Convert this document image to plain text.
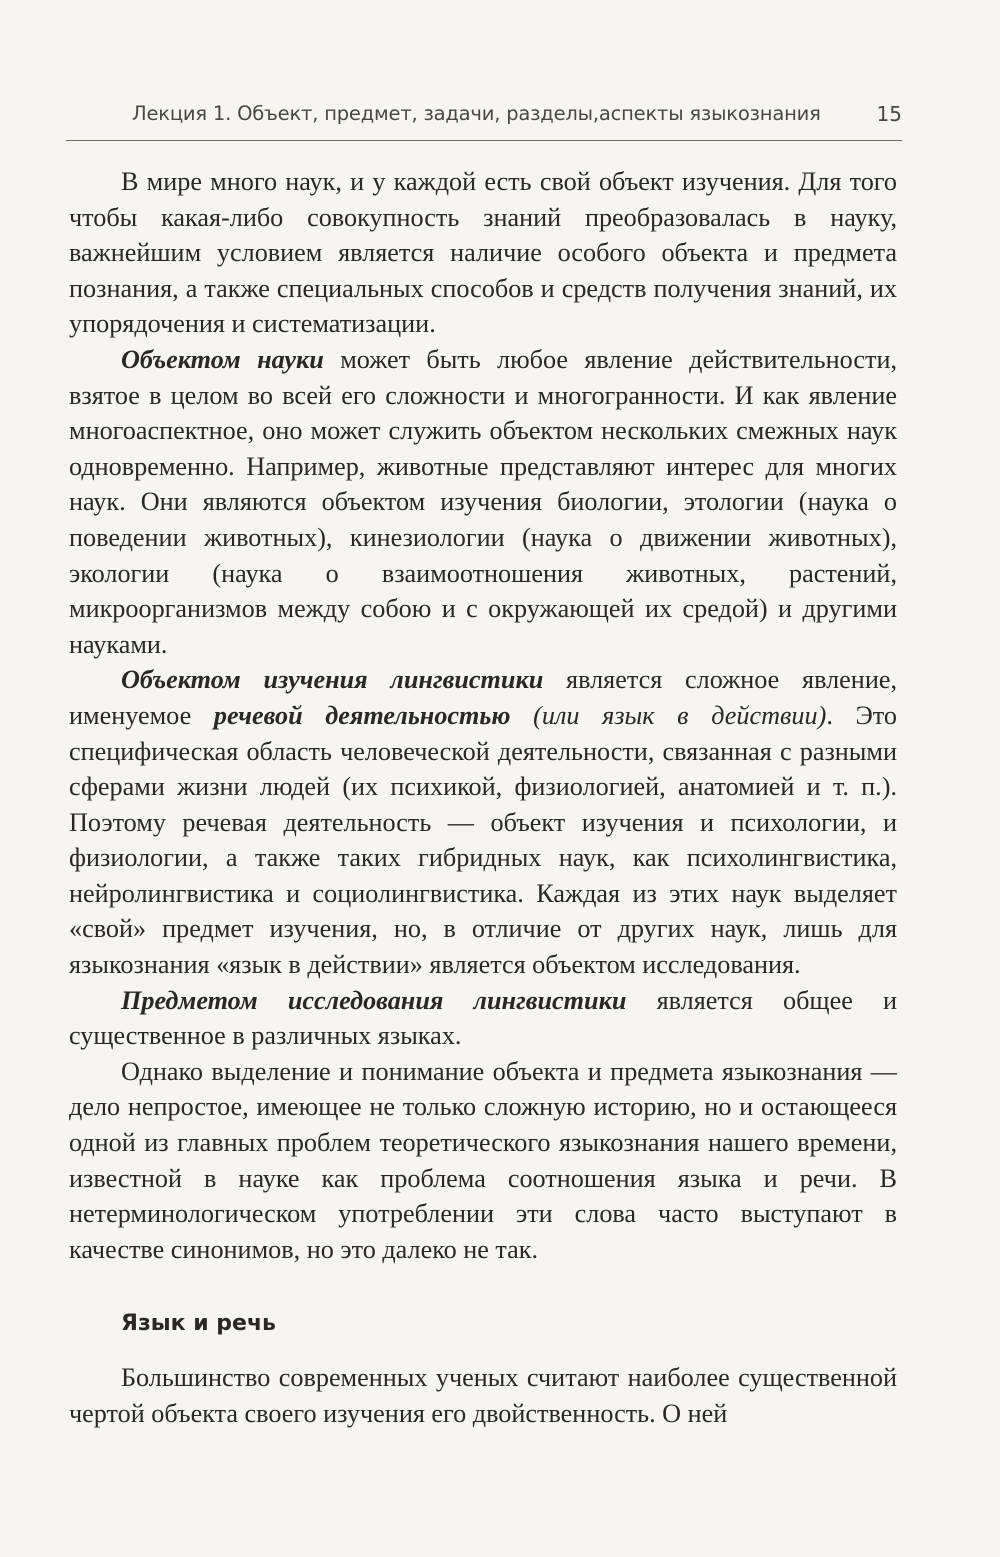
Лекция 1. Объект, предмет, задачи, разделы,аспекты языкознания	15

В мире много наук, и у каждой есть свой объект изучения. Для того чтобы какая-либо совокупность знаний преобразовалась в науку, важнейшим условием является наличие особого объекта и предмета познания, а также специальных способов и средств получения знаний, их упорядочения и систематизации.

Объектом науки может быть любое явление действительности, взятое в целом во всей его сложности и многогранности. И как явление многоаспектное, оно может служить объектом нескольких смежных наук одновременно. Например, животные представляют интерес для многих наук. Они являются объектом изучения биологии, этологии (наука о поведении животных), кинезиологии (наука о движении животных), экологии (наука о взаимоотношения животных, растений, микроорганизмов между собою и с окружающей их средой) и другими науками.

Объектом изучения лингвистики является сложное явление, именуемое речевой деятельностью (или язык в действии). Это специфическая область человеческой деятельности, связанная с разными сферами жизни людей (их психикой, физиологией, анатомией и т. п.). Поэтому речевая деятельность — объект изучения и психологии, и физиологии, а также таких гибридных наук, как психолингвистика, нейролингвистика и социолингвистика. Каждая из этих наук выделяет «свой» предмет изучения, но, в отличие от других наук, лишь для языкознания «язык в действии» является объектом исследования.

Предметом исследования лингвистики является общее и существенное в различных языках.

Однако выделение и понимание объекта и предмета языкознания — дело непростое, имеющее не только сложную историю, но и остающееся одной из главных проблем теоретического языкознания нашего времени, известной в науке как проблема соотношения языка и речи. В нетерминологическом употреблении эти слова часто выступают в качестве синонимов, но это далеко не так.

Язык и речь

Большинство современных ученых считают наиболее существенной чертой объекта своего изучения его двойственность. О ней
